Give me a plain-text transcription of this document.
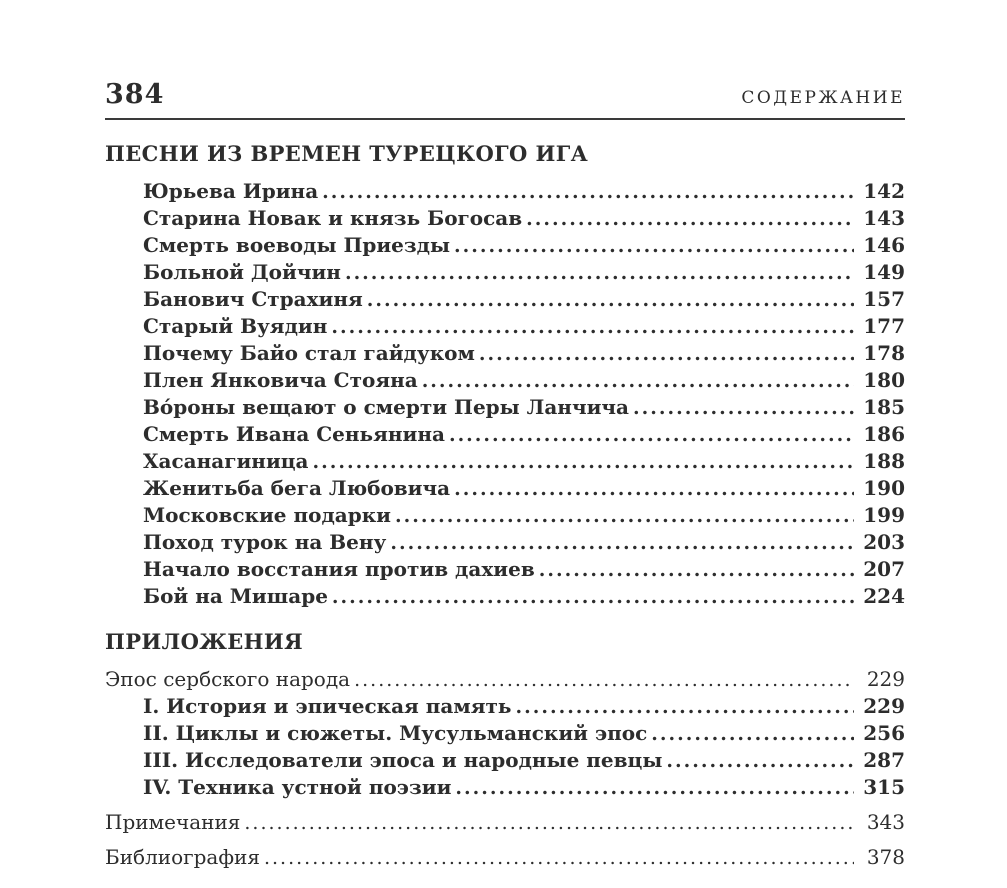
384	СОДЕРЖАНИЕ
ПЕСНИ ИЗ ВРЕМЕН ТУРЕЦКОГО ИГА
Юрьева Ирина .....	142
Старина Новак и князь Богосав .....	143
Смерть воеводы Приезды .....	146
Больной Дойчин .....	149
Банович Страхиня .....	157
Старый Вуядин .....	177
Почему Байо стал гайдуком .....	178
Плен Янковича Стояна .....	180
Во́роны вещают о смерти Перы Ланчича .....	185
Смерть Ивана Сеньянина .....	186
Хасанагиница .....	188
Женитьба бега Любовича .....	190
Московские подарки .....	199
Поход турок на Вену .....	203
Начало восстания против дахиев .....	207
Бой на Мишаре .....	224
ПРИЛОЖЕНИЯ
Эпос сербского народа .....	229
I. История и эпическая память .....	229
II. Циклы и сюжеты. Мусульманский эпос .....	256
III. Исследователи эпоса и народные певцы .....	287
IV. Техника устной поэзии .....	315
Примечания .....	343
Библиография .....	378
